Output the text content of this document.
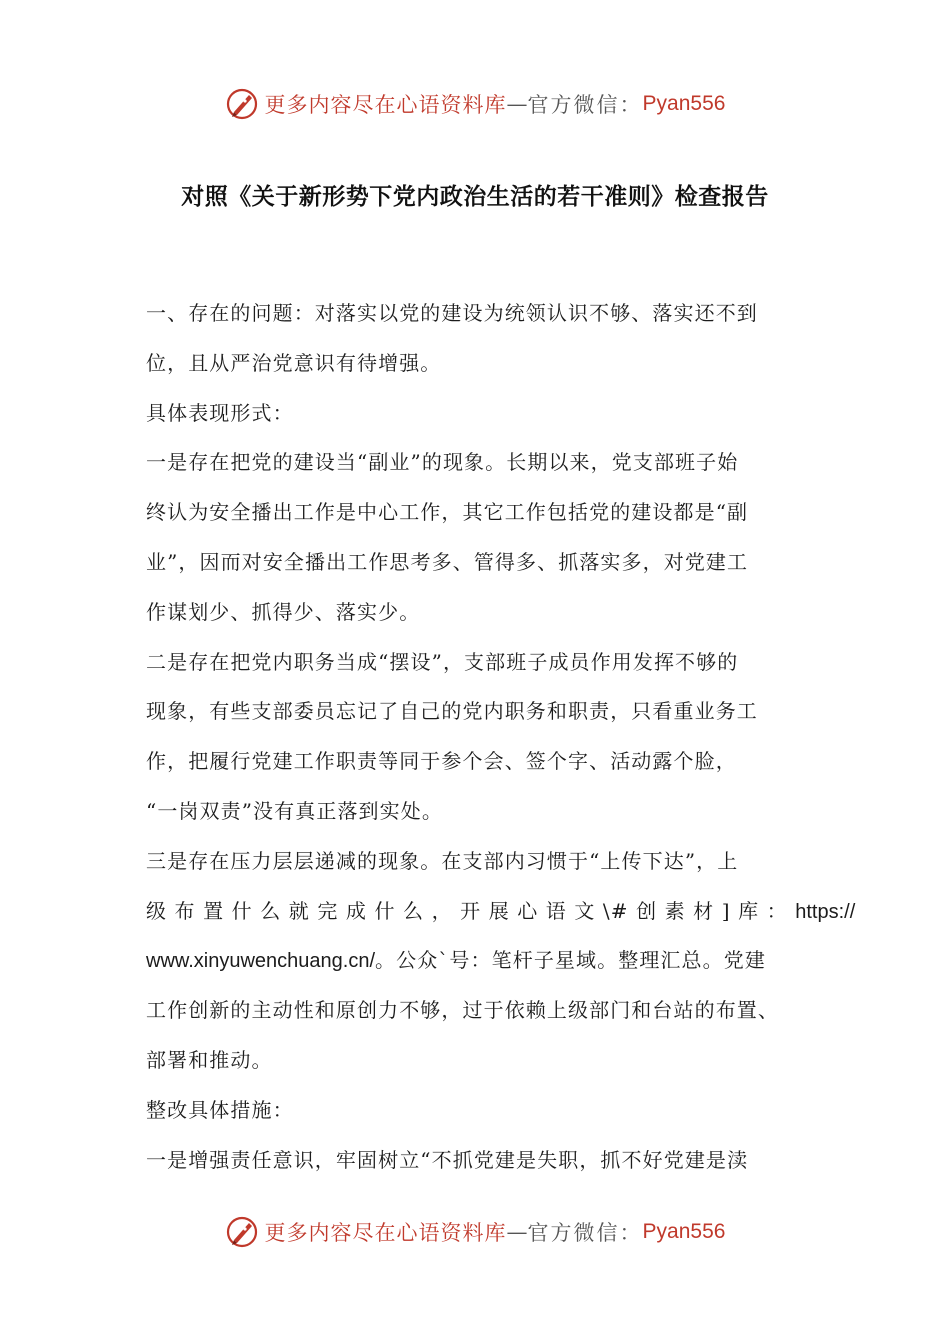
更多内容尽在心语资料库 — 官方微信： Pyan556
对照《关于新形势下党内政治生活的若干准则》检查报告
一、存在的问题：对落实以党的建设为统领认识不够、落实还不到
位，且从严治党意识有待增强。
具体表现形式：
一是存在把党的建设当“副业”的现象。长期以来，党支部班子始
终认为安全播出工作是中心工作，其它工作包括党的建设都是“副
业”，因而对安全播出工作思考多、管得多、抓落实多，对党建工
作谋划少、抓得少、落实少。
二是存在把党内职务当成“摆设”，支部班子成员作用发挥不够的
现象，有些支部委员忘记了自己的党内职务和职责，只看重业务工
作，把履行党建工作职责等同于参个会、签个字、活动露个脸，
“一岗双责”没有真正落到实处。
三是存在压力层层递减的现象。在支部内习惯于“上传下达”，上
级 布 置 什 么 就 完 成 什 么 ， 开 展 心 语 文 \# 创 素 材 ] 库 ： https://
www.xinyuwenchuang.cn/。公众`号：笔杆子星域。整理汇总。党建
工作创新的主动性和原创力不够，过于依赖上级部门和台站的布置、
部署和推动。
整改具体措施：
一是增强责任意识，牢固树立“不抓党建是失职，抓不好党建是渎
更多内容尽在心语资料库 — 官方微信： Pyan556
